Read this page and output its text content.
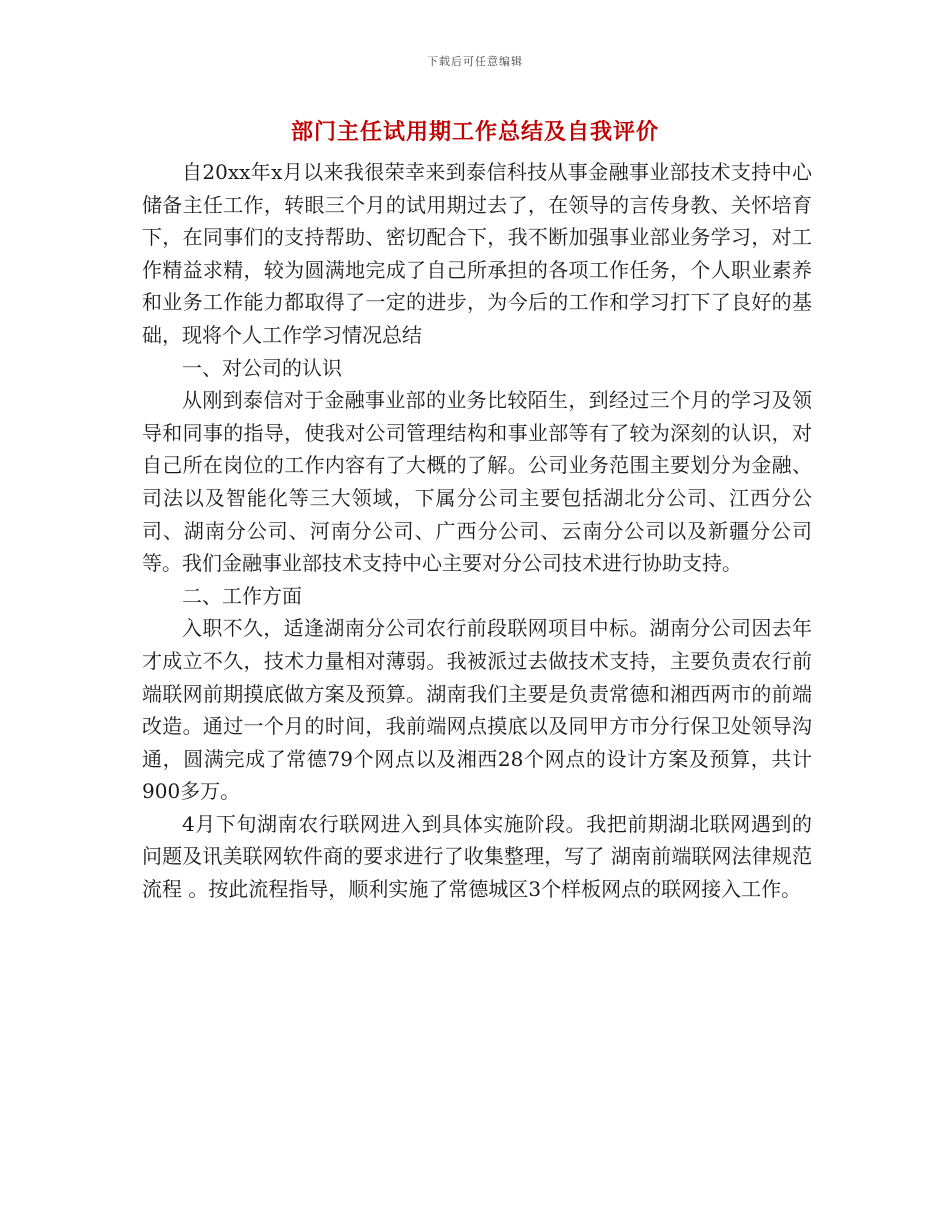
下载后可任意编辑
部门主任试用期工作总结及自我评价

自20xx年x月以来我很荣幸来到泰信科技从事金融事业部技术支持中心储备主任工作，转眼三个月的试用期过去了，在领导的言传身教、关怀培育下，在同事们的支持帮助、密切配合下，我不断加强事业部业务学习，对工作精益求精，较为圆满地完成了自己所承担的各项工作任务，个人职业素养和业务工作能力都取得了一定的进步，为今后的工作和学习打下了良好的基础，现将个人工作学习情况总结

一、对公司的认识

从刚到泰信对于金融事业部的业务比较陌生，到经过三个月的学习及领导和同事的指导，使我对公司管理结构和事业部等有了较为深刻的认识，对自己所在岗位的工作内容有了大概的了解。公司业务范围主要划分为金融、司法以及智能化等三大领域，下属分公司主要包括湖北分公司、江西分公司、湖南分公司、河南分公司、广西分公司、云南分公司以及新疆分公司等。我们金融事业部技术支持中心主要对分公司技术进行协助支持。

二、工作方面

入职不久，适逢湖南分公司农行前段联网项目中标。湖南分公司因去年才成立不久，技术力量相对薄弱。我被派过去做技术支持，主要负责农行前端联网前期摸底做方案及预算。湖南我们主要是负责常德和湘西两市的前端改造。通过一个月的时间，我前端网点摸底以及同甲方市分行保卫处领导沟通，圆满完成了常德79个网点以及湘西28个网点的设计方案及预算，共计900多万。

4月下旬湖南农行联网进入到具体实施阶段。我把前期湖北联网遇到的问题及讯美联网软件商的要求进行了收集整理，写了 湖南前端联网法律规范流程 。按此流程指导，顺利实施了常德城区3个样板网点的联网接入工作。
